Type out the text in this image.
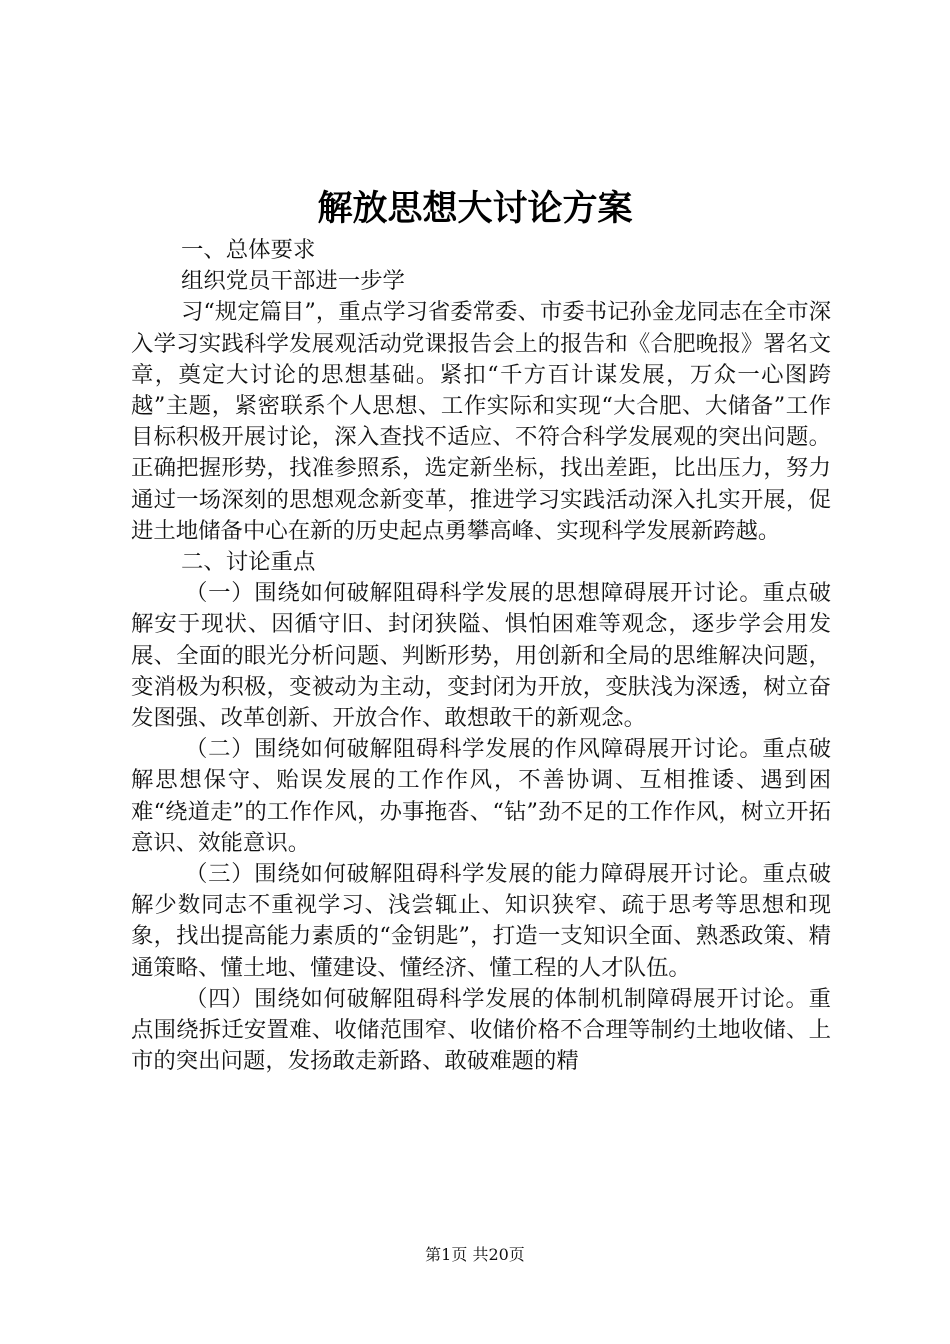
解放思想大讨论方案

一、总体要求

组织党员干部进一步学

习“规定篇目”，重点学习省委常委、市委书记孙金龙同志在全市深入学习实践科学发展观活动党课报告会上的报告和《合肥晚报》署名文章，奠定大讨论的思想基础。紧扣“千方百计谋发展，万众一心图跨越”主题，紧密联系个人思想、工作实际和实现“大合肥、大储备”工作目标积极开展讨论，深入查找不适应、不符合科学发展观的突出问题。正确把握形势，找准参照系，选定新坐标，找出差距，比出压力，努力通过一场深刻的思想观念新变革，推进学习实践活动深入扎实开展，促进土地储备中心在新的历史起点勇攀高峰、实现科学发展新跨越。

二、讨论重点

（一）围绕如何破解阻碍科学发展的思想障碍展开讨论。重点破解安于现状、因循守旧、封闭狭隘、惧怕困难等观念，逐步学会用发展、全面的眼光分析问题、判断形势，用创新和全局的思维解决问题，变消极为积极，变被动为主动，变封闭为开放，变肤浅为深透，树立奋发图强、改革创新、开放合作、敢想敢干的新观念。

（二）围绕如何破解阻碍科学发展的作风障碍展开讨论。重点破解思想保守、贻误发展的工作作风，不善协调、互相推诿、遇到困难“绕道走”的工作作风，办事拖沓、“钻”劲不足的工作作风，树立开拓意识、效能意识。

（三）围绕如何破解阻碍科学发展的能力障碍展开讨论。重点破解少数同志不重视学习、浅尝辄止、知识狭窄、疏于思考等思想和现象，找出提高能力素质的“金钥匙”，打造一支知识全面、熟悉政策、精通策略、懂土地、懂建设、懂经济、懂工程的人才队伍。

（四）围绕如何破解阻碍科学发展的体制机制障碍展开讨论。重点围绕拆迁安置难、收储范围窄、收储价格不合理等制约土地收储、上市的突出问题，发扬敢走新路、敢破难题的精

第1页 共20页
